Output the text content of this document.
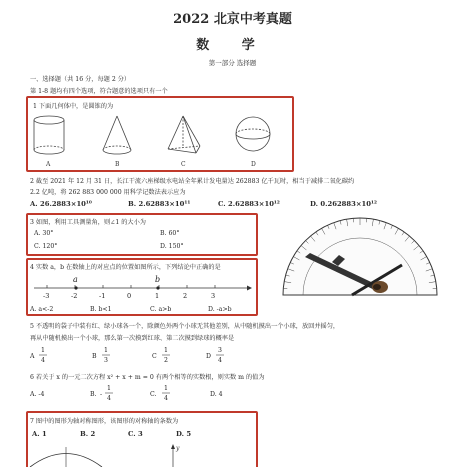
2022 北京中考真题
数 学
第一部分 选择题
一、选择题（共 16 分，每题 2 分）
第 1-8 题均有四个选项，符合题意的选项只有一个
1 下面几何体中，是圆锥的为
A	B	C	D
2 截至 2021 年 12 月 31 日，长江干流六座梯级水电站全年累计发电量达 262883 亿千瓦时，相当于减排二氧化碳约
2.2 亿吨，将 262 883 000 000 用科学记数法表示应为
A. 26.2883×10¹⁰	B. 2.62883×10¹¹	C. 2.62883×10¹²	D. 0.262883×10¹²
3 如图，利用工具测量角，则∠1 的大小为
A. 30°	B. 60°
C. 120°	D. 150°
4 实数 a，b 在数轴上的对应点的位置如图所示，下列结论中正确的是
-3	-2	-1	0	1	2	3
a	b
A. a<-2	B. b<1	C. a>b	D. -a>b
5 不透明的袋子中装有红、绿小球各一个，除颜色外两个小球无其他差别，从中随机摸出一个小球，放回并摇匀，
再从中随机摸出一个小球，那么第一次摸到红球、第二次摸到绿球的概率是
A
1
4
B
1
3
C
1
2
D
3
4
6 若关于 x 的一元二次方程 x² + x + m = 0 有两个相等的实数根，则实数 m 的值为
A. -4	B. -
1
4
C.
1
4
D. 4
7 图中的图形为轴对称图形，该图形的对称轴的条数为
A. 1	B. 2	C. 3	D. 5
y
